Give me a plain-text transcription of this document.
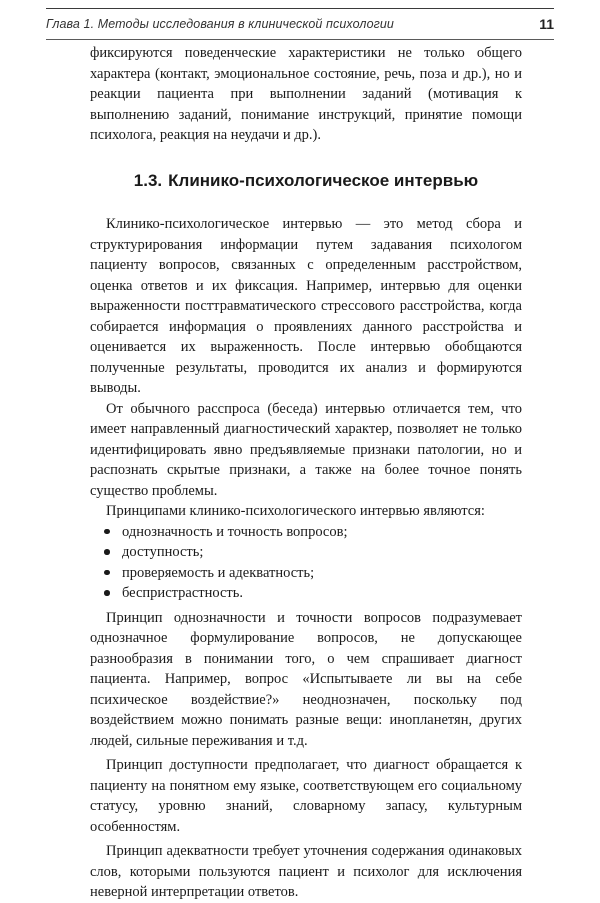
Глава 1. Методы исследования в клинической психологии	11

фиксируются поведенческие характеристики не только общего характера (контакт, эмоциональное состояние, речь, поза и др.), но и реакции пациента при выполнении заданий (мотивация к выполнению заданий, понимание инструкций, принятие помощи психолога, реакция на неудачи и др.).

1.3. Клинико-психологическое интервью

Клинико-психологическое интервью — это метод сбора и структурирования информации путем задавания психологом пациенту вопросов, связанных с определенным расстройством, оценка ответов и их фиксация. Например, интервью для оценки выраженности посттравматического стрессового расстройства, когда собирается информация о проявлениях данного расстройства и оценивается их выраженность. После интервью обобщаются полученные результаты, проводится их анализ и формируются выводы.

От обычного расспроса (беседа) интервью отличается тем, что имеет направленный диагностический характер, позволяет не только идентифицировать явно предъявляемые признаки патологии, но и распознать скрытые признаки, а также на более точное понять существо проблемы.

Принципами клинико-психологического интервью являются:

однозначность и точность вопросов;
доступность;
проверяемость и адекватность;
беспристрастность.

Принцип однозначности и точности вопросов подразумевает однозначное формулирование вопросов, не допускающее разнообразия в понимании того, о чем спрашивает диагност пациента. Например, вопрос «Испытываете ли вы на себе психическое воздействие?» неоднозначен, поскольку под воздействием можно понимать разные вещи: инопланетян, других людей, сильные переживания и т.д.

Принцип доступности предполагает, что диагност обращается к пациенту на понятном ему языке, соответствующем его социальному статусу, уровню знаний, словарному запасу, культурным особенностям.

Принцип адекватности требует уточнения содержания одинаковых слов, которыми пользуются пациент и психолог для исключения неверной интерпретации ответов.
